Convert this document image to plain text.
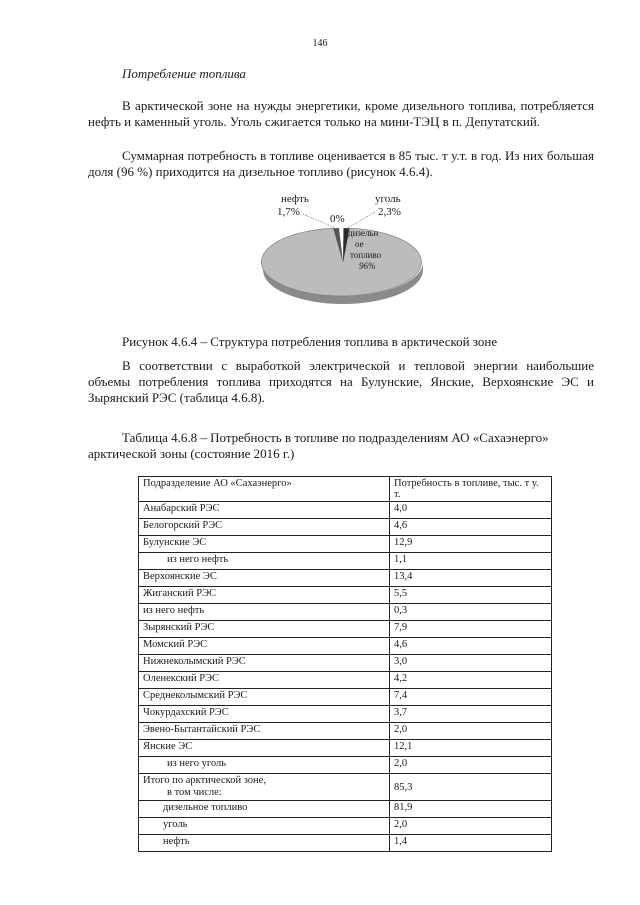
146
Потребление топлива
В арктической зоне на нужды энергетики, кроме дизельного топлива, потребляется нефть и каменный уголь. Уголь сжигается только на мини-ТЭЦ в п. Депутатский.
Суммарная потребность в топливе оценивается в 85 тыс. т у.т. в год. Из них большая доля (96 %) приходится на дизельное топливо (рисунок 4.6.4).
нефть
1,7%
0%
уголь
2,3%
дизельн
ое
топливо
96%
Рисунок 4.6.4 – Структура потребления топлива в арктической зоне
В соответствии с выработкой электрической и тепловой энергии наибольшие объемы потребления топлива приходятся на Булунские, Янские, Верхоянские ЭС и Зырянский РЭС (таблица 4.6.8).
Таблица 4.6.8 – Потребность в топливе по подразделениям АО «Сахаэнерго» арктической зоны (состояние 2016 г.)
Подразделение АО «Сахаэнерго»	Потребность в топливе, тыс. т у. т.
Анабарский РЭС	4,0
Белогорский РЭС	4,6
Булунские ЭС	12,9
из него нефть	1,1
Верхоянские ЭС	13,4
Жиганский РЭС	5,5
из него нефть	0,3
Зырянский РЭС	7,9
Момский РЭС	4,6
Нижнеколымский РЭС	3,0
Оленекский РЭС	4,2
Среднеколымский РЭС	7,4
Чокурдахский РЭС	3,7
Эвено-Бытантайский РЭС	2,0
Янские ЭС	12,1
из него уголь	2,0

Итого по арктической зоне,
в том числе:	85,3
дизельное топливо	81,9
уголь	2,0
нефть	1,4
